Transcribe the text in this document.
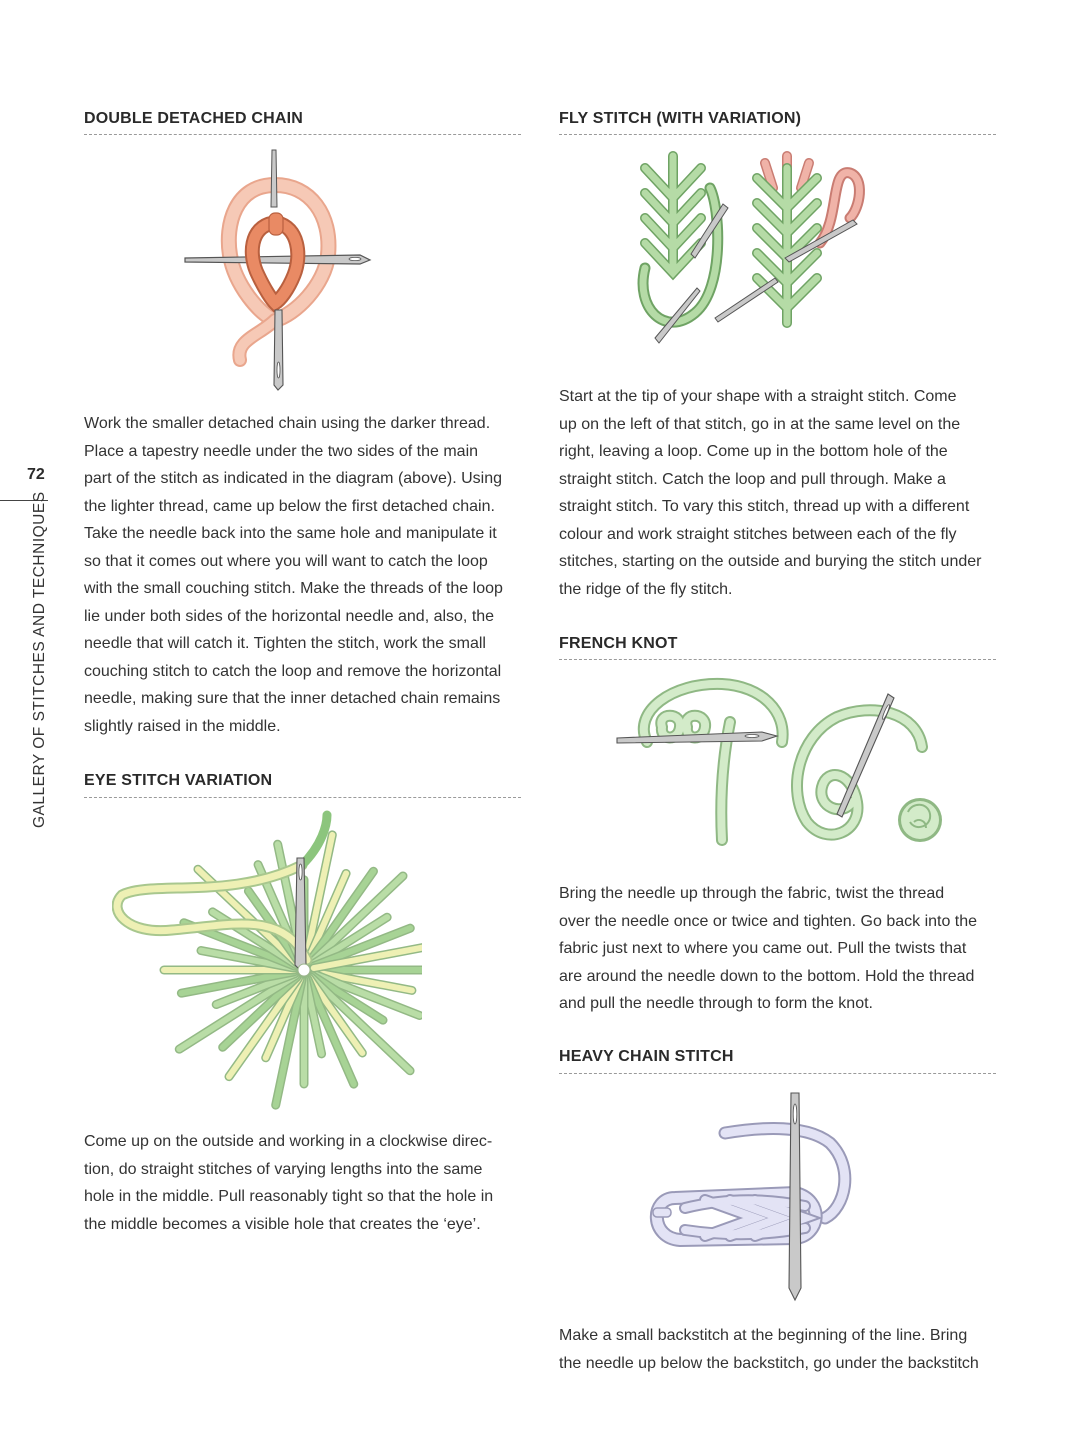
72
GALLERY OF STITCHES AND TECHNIQUES
DOUBLE DETACHED CHAIN
Work the smaller detached chain using the darker thread.
Place a tapestry needle under the two sides of the main
part of the stitch as indicated in the diagram (above). Using
the lighter thread, came up below the first detached chain.
Take the needle back into the same hole and manipulate it
so that it comes out where you will want to catch the loop
with the small couching stitch. Make the threads of the loop
lie under both sides of the horizontal needle and, also, the
needle that will catch it. Tighten the stitch, work the small
couching stitch to catch the loop and remove the horizontal
needle, making sure that the inner detached chain remains
slightly raised in the middle.
EYE STITCH VARIATION
Come up on the outside and working in a clockwise direc-
tion, do straight stitches of varying lengths into the same
hole in the middle. Pull reasonably tight so that the hole in
the middle becomes a visible hole that creates the ‘eye’.
FLY STITCH (WITH VARIATION)
Start at the tip of your shape with a straight stitch. Come
up on the left of that stitch, go in at the same level on the
right, leaving a loop. Come up in the bottom hole of the
straight stitch. Catch the loop and pull through. Make a
straight stitch. To vary this stitch, thread up with a different
colour and work straight stitches between each of the fly
stitches, starting on the outside and burying the stitch under
the ridge of the fly stitch.
FRENCH KNOT
Bring the needle up through the fabric, twist the thread
over the needle once or twice and tighten. Go back into the
fabric just next to where you came out. Pull the twists that
are around the needle down to the bottom. Hold the thread
and pull the needle through to form the knot.
HEAVY CHAIN STITCH
Make a small backstitch at the beginning of the line. Bring
the needle up below the backstitch, go under the backstitch
